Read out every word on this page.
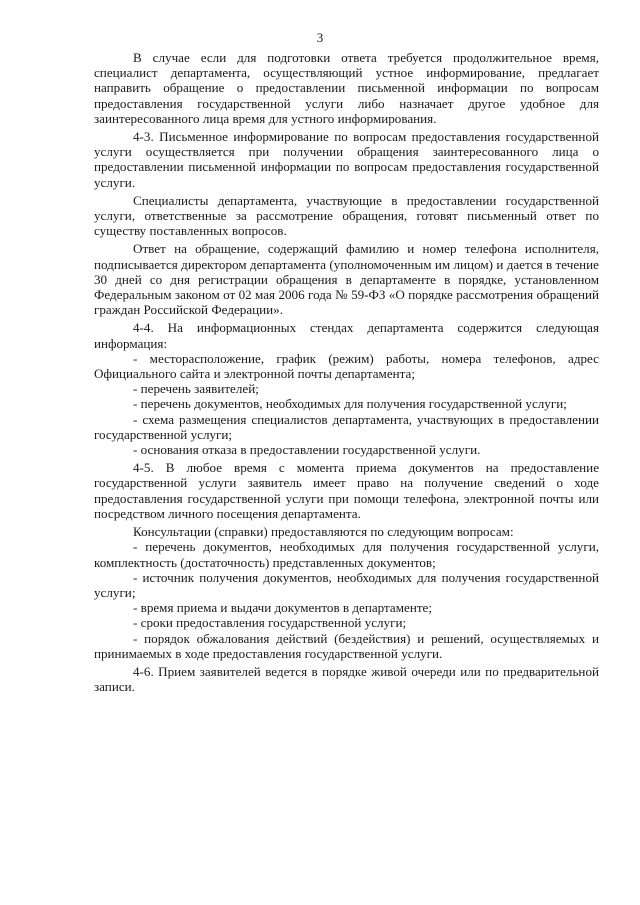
3

В случае если для подготовки ответа требуется продолжительное время, специалист департамента, осуществляющий устное информирование, предлагает направить обращение о предоставлении письменной информации по вопросам предоставления государственной услуги либо назначает другое удобное для заинтересованного лица время для устного информирования.

4-3. Письменное информирование по вопросам предоставления государственной услуги осуществляется при получении обращения заинтересованного лица о предоставлении письменной информации по вопросам предоставления государственной услуги.

Специалисты департамента, участвующие в предоставлении государственной услуги, ответственные за рассмотрение обращения, готовят письменный ответ по существу поставленных вопросов.

Ответ на обращение, содержащий фамилию и номер телефона исполнителя, подписывается директором департамента (уполномоченным им лицом) и дается в течение 30 дней со дня регистрации обращения в департаменте в порядке, установленном Федеральным законом от 02 мая 2006 года № 59-ФЗ «О порядке рассмотрения обращений граждан Российской Федерации».

4-4. На информационных стендах департамента содержится следующая информация:

- месторасположение, график (режим) работы, номера телефонов, адрес Официального сайта и электронной почты департамента;

- перечень заявителей;

- перечень документов, необходимых для получения государственной услуги;

- схема размещения специалистов департамента, участвующих в предоставлении государственной услуги;

- основания отказа в предоставлении государственной услуги.

4-5. В любое время с момента приема документов на предоставление государственной услуги заявитель имеет право на получение сведений о ходе предоставления государственной услуги при помощи телефона, электронной почты или посредством личного посещения департамента.

Консультации (справки) предоставляются по следующим вопросам:

- перечень документов, необходимых для получения государственной услуги, комплектность (достаточность) представленных документов;

- источник получения документов, необходимых для получения государственной услуги;

- время приема и выдачи документов в департаменте;

- сроки предоставления государственной услуги;

- порядок обжалования действий (бездействия) и решений, осуществляемых и принимаемых в ходе предоставления государственной услуги.

4-6. Прием заявителей ведется в порядке живой очереди или по предварительной записи.
